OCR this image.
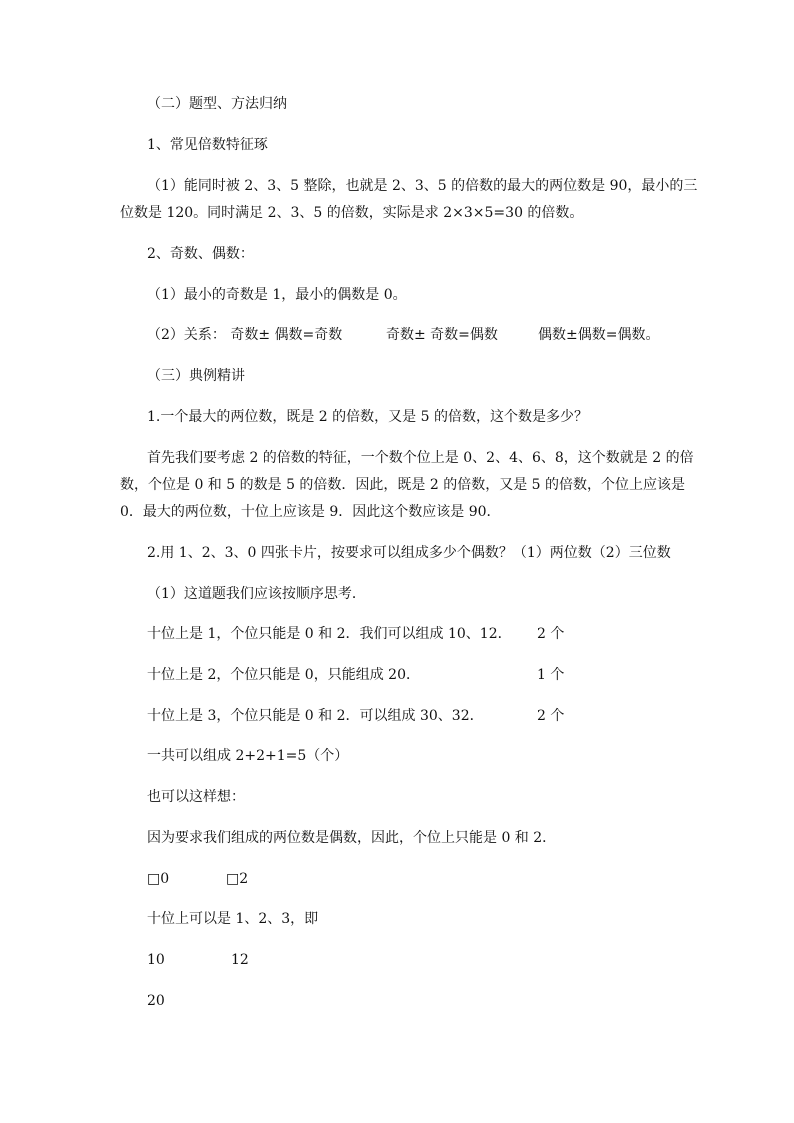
（二）题型、方法归纳
1、常见倍数特征琢
（1）能同时被 2、3、5 整除，也就是 2、3、5 的倍数的最大的两位数是 90，最小的三
位数是 120。同时满足 2、3、5 的倍数，实际是求 2×3×5=30 的倍数。
2、奇数、偶数：
（1）最小的奇数是 1，最小的偶数是 0。
（2）关系： 奇数± 偶数=奇数	奇数± 奇数=偶数	偶数±偶数=偶数。
（三）典例精讲
1.一个最大的两位数，既是 2 的倍数，又是 5 的倍数，这个数是多少？
首先我们要考虑 2 的倍数的特征，一个数个位上是 0、2、4、6、8，这个数就是 2 的倍
数，个位是 0 和 5 的数是 5 的倍数．因此，既是 2 的倍数，又是 5 的倍数，个位上应该是
0．最大的两位数，十位上应该是 9．因此这个数应该是 90．
2.用 1、2、3、0 四张卡片，按要求可以组成多少个偶数？（1）两位数（2）三位数
（1）这道题我们应该按顺序思考．
十位上是 1，个位只能是 0 和 2．我们可以组成 10、12． 2 个
十位上是 2，个位只能是 0，只能组成 20．	1 个
十位上是 3，个位只能是 0 和 2．可以组成 30、32．	2 个
一共可以组成 2+2+1=5（个）
也可以这样想：
因为要求我们组成的两位数是偶数，因此，个位上只能是 0 和 2．
□0	□2
十位上可以是 1、2、3，即
10	12
20
